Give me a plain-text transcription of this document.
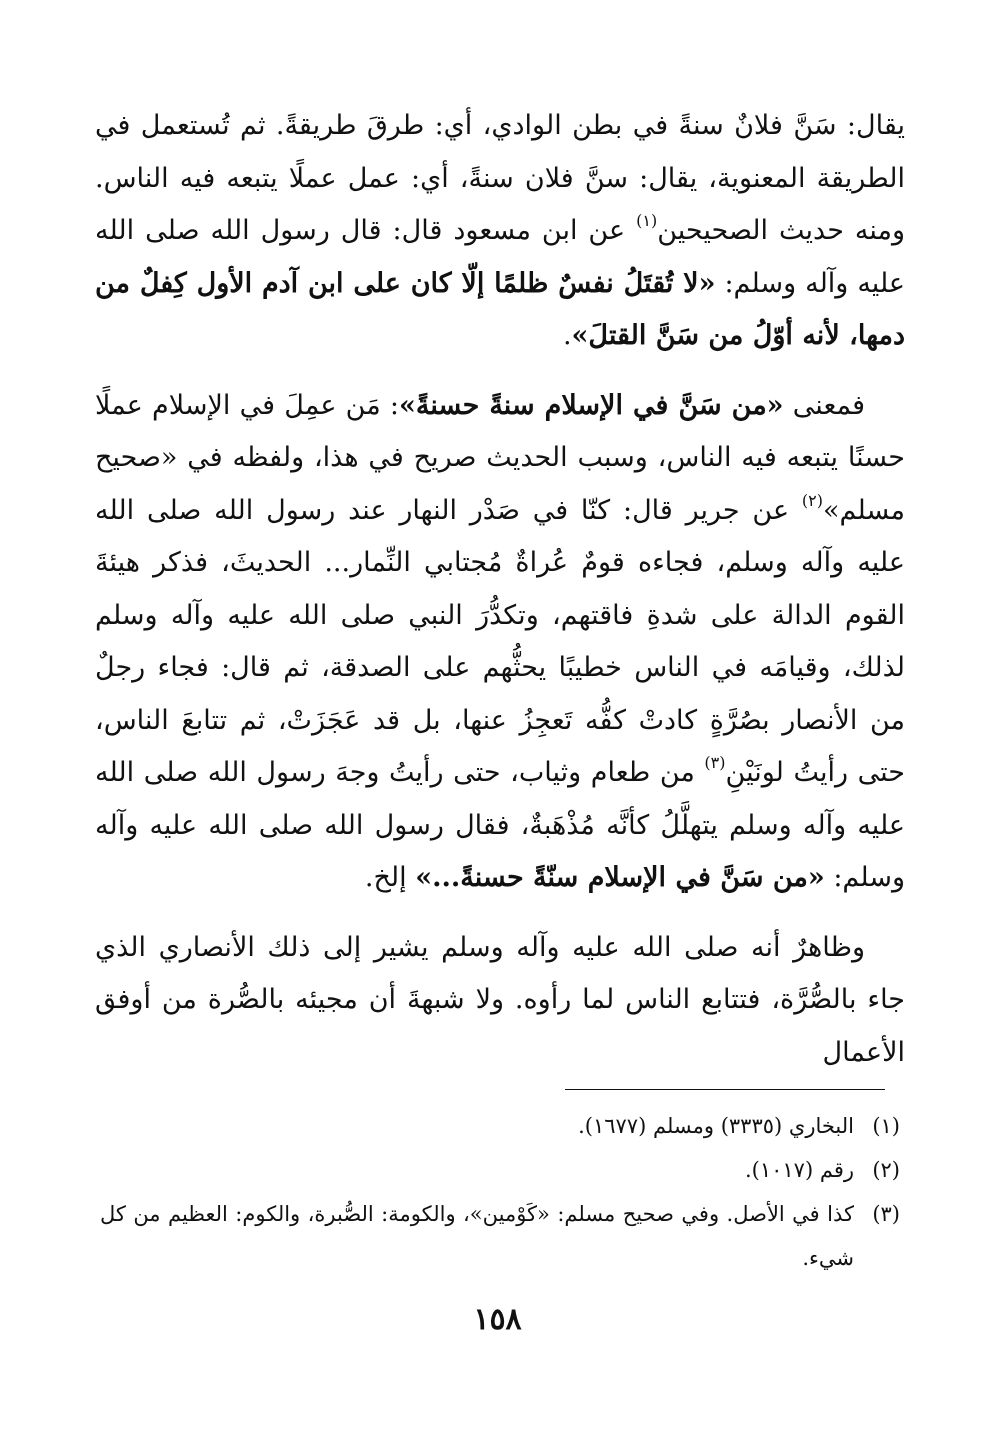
يقال: سَنَّ فلانٌ سنةً في بطن الوادي، أي: طرقَ طريقةً. ثم تُستعمل في الطريقة المعنوية، يقال: سنَّ فلان سنةً، أي: عمل عملًا يتبعه فيه الناس. ومنه حديث الصحيحين$^{(١)}$ عن ابن مسعود قال: قال رسول الله صلى الله عليه وآله وسلم: «لا تُقتَلُ نفسٌ ظلمًا إلّا كان على ابن آدم الأول كِفلٌ من دمها، لأنه أوّلُ من سَنَّ القتلَ».

فمعنى «من سَنَّ في الإسلام سنةً حسنةً»: مَن عمِلَ في الإسلام عملًا حسنًا يتبعه فيه الناس، وسبب الحديث صريح في هذا، ولفظه في «صحيح مسلم»$^{(٢)}$ عن جرير قال: كنّا في صَدْر النهار عند رسول الله صلى الله عليه وآله وسلم، فجاءه قومٌ عُراةٌ مُجتابي النِّمار... الحديثَ، فذكر هيئةَ القوم الدالة على شدةِ فاقتهم، وتكدُّرَ النبي صلى الله عليه وآله وسلم لذلك، وقيامَه في الناس خطيبًا يحثُّهم على الصدقة، ثم قال: فجاء رجلٌ من الأنصار بصُرَّةٍ كادتْ كفُّه تَعجِزُ عنها، بل قد عَجَزَتْ، ثم تتابعَ الناس، حتى رأيتُ لونَيْنِ$^{(٣)}$ من طعام وثياب، حتى رأيتُ وجهَ رسول الله صلى الله عليه وآله وسلم يتهلَّلُ كأنَّه مُذْهَبةٌ، فقال رسول الله صلى الله عليه وآله وسلم: «من سَنَّ في الإسلام سنّةً حسنةً...» إلخ.

وظاهرٌ أنه صلى الله عليه وآله وسلم يشير إلى ذلك الأنصاري الذي جاء بالصُّرَّة، فتتابع الناس لما رأوه. ولا شبهةَ أن مجيئه بالصُّرة من أوفق الأعمال

(١)
البخاري (٣٣٣٥) ومسلم (١٦٧٧).
(٢)
رقم (١٠١٧).
(٣)
كذا في الأصل. وفي صحيح مسلم: «كَوْمين»، والكومة: الصُّبرة، والكوم: العظيم من كل شيء.
١٥٨
